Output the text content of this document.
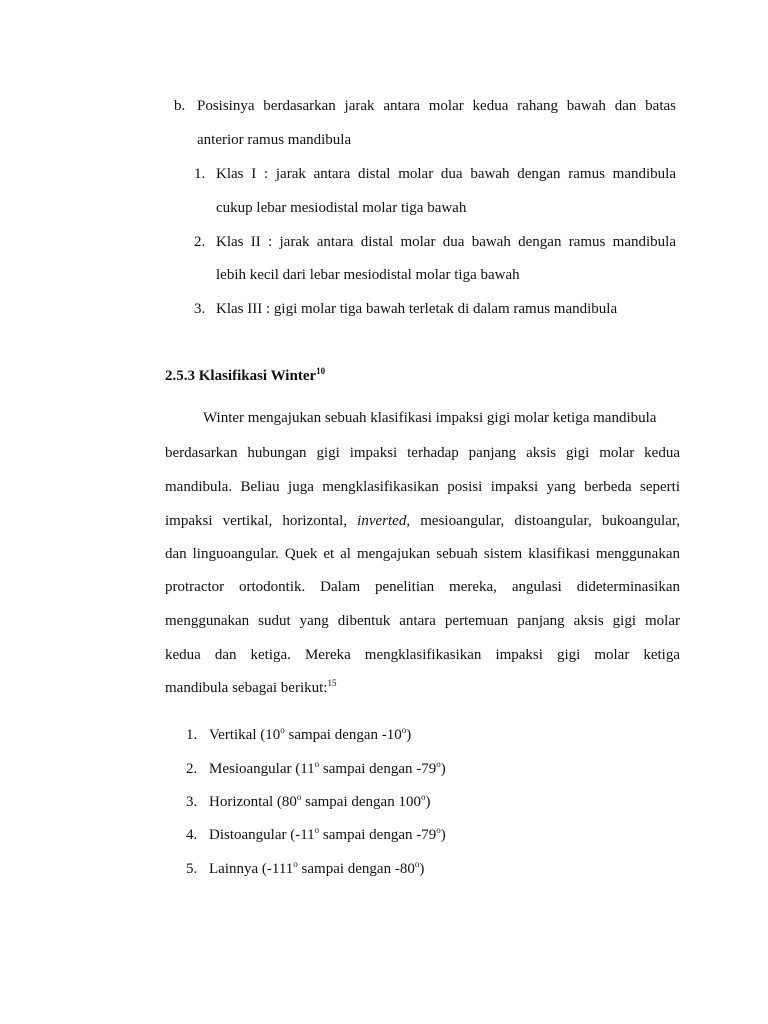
b. Posisinya berdasarkan jarak antara molar kedua rahang bawah dan batas
anterior ramus mandibula
1. Klas I : jarak antara distal molar dua bawah dengan ramus mandibula
cukup lebar mesiodistal molar tiga bawah
2. Klas II : jarak antara distal molar dua bawah dengan ramus mandibula
lebih kecil dari lebar mesiodistal molar tiga bawah
3. Klas III : gigi molar tiga bawah terletak di dalam ramus mandibula
2.5.3 Klasifikasi Winter$^{10}$
Winter mengajukan sebuah klasifikasi impaksi gigi molar ketiga mandibula
berdasarkan hubungan gigi impaksi terhadap panjang aksis gigi molar kedua
mandibula. Beliau juga mengklasifikasikan posisi impaksi yang berbeda seperti
impaksi vertikal, horizontal, inverted, mesioangular, distoangular, bukoangular,
dan linguoangular. Quek et al mengajukan sebuah sistem klasifikasi menggunakan
protractor ortodontik. Dalam penelitian mereka, angulasi dideterminasikan
menggunakan sudut yang dibentuk antara pertemuan panjang aksis gigi molar
kedua dan ketiga. Mereka mengklasifikasikan impaksi gigi molar ketiga
mandibula sebagai berikut:$^{15}$
1. Vertikal (10$^o$ sampai dengan -10$^o$)
2. Mesioangular (11$^o$ sampai dengan -79$^o$)
3. Horizontal (80$^o$ sampai dengan 100$^o$)
4. Distoangular (-11$^o$ sampai dengan -79$^o$)
5. Lainnya (-111$^o$ sampai dengan -80$^o$)
